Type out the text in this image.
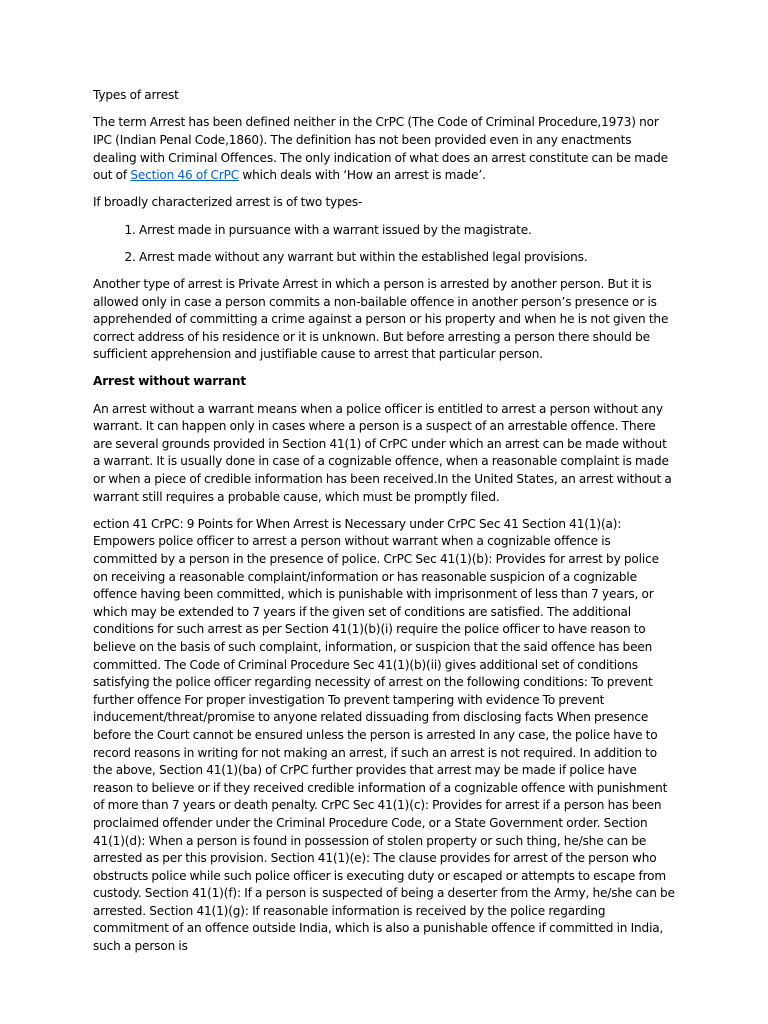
Types of arrest

The term Arrest has been defined neither in the CrPC (The Code of Criminal Procedure,1973) nor IPC (Indian Penal Code,1860). The definition has not been provided even in any enactments dealing with Criminal Offences. The only indication of what does an arrest constitute can be made out of Section 46 of CrPC which deals with ‘How an arrest is made’.

If broadly characterized arrest is of two types-

1. Arrest made in pursuance with a warrant issued by the magistrate.
2. Arrest made without any warrant but within the established legal provisions.

Another type of arrest is Private Arrest in which a person is arrested by another person. But it is allowed only in case a person commits a non-bailable offence in another person’s presence or is apprehended of committing a crime against a person or his property and when he is not given the correct address of his residence or it is unknown. But before arresting a person there should be sufficient apprehension and justifiable cause to arrest that particular person.

Arrest without warrant

An arrest without a warrant means when a police officer is entitled to arrest a person without any warrant. It can happen only in cases where a person is a suspect of an arrestable offence. There are several grounds provided in Section 41(1) of CrPC under which an arrest can be made without a warrant. It is usually done in case of a cognizable offence, when a reasonable complaint is made or when a piece of credible information has been received.In the United States, an arrest without a warrant still requires a probable cause, which must be promptly filed.

ection 41 CrPC: 9 Points for When Arrest is Necessary under CrPC Sec 41 Section 41(1)(a): Empowers police officer to arrest a person without warrant when a cognizable offence is committed by a person in the presence of police. CrPC Sec 41(1)(b): Provides for arrest by police on receiving a reasonable complaint/information or has reasonable suspicion of a cognizable offence having been committed, which is punishable with imprisonment of less than 7 years, or which may be extended to 7 years if the given set of conditions are satisfied. The additional conditions for such arrest as per Section 41(1)(b)(i) require the police officer to have reason to believe on the basis of such complaint, information, or suspicion that the said offence has been committed. The Code of Criminal Procedure Sec 41(1)(b)(ii) gives additional set of conditions satisfying the police officer regarding necessity of arrest on the following conditions: To prevent further offence For proper investigation To prevent tampering with evidence To prevent inducement/threat/promise to anyone related dissuading from disclosing facts When presence before the Court cannot be ensured unless the person is arrested In any case, the police have to record reasons in writing for not making an arrest, if such an arrest is not required. In addition to the above, Section 41(1)(ba) of CrPC further provides that arrest may be made if police have reason to believe or if they received credible information of a cognizable offence with punishment of more than 7 years or death penalty. CrPC Sec 41(1)(c): Provides for arrest if a person has been proclaimed offender under the Criminal Procedure Code, or a State Government order. Section 41(1)(d): When a person is found in possession of stolen property or such thing, he/she can be arrested as per this provision. Section 41(1)(e): The clause provides for arrest of the person who obstructs police while such police officer is executing duty or escaped or attempts to escape from custody. Section 41(1)(f): If a person is suspected of being a deserter from the Army, he/she can be arrested. Section 41(1)(g): If reasonable information is received by the police regarding commitment of an offence outside India, which is also a punishable offence if committed in India, such a person is
